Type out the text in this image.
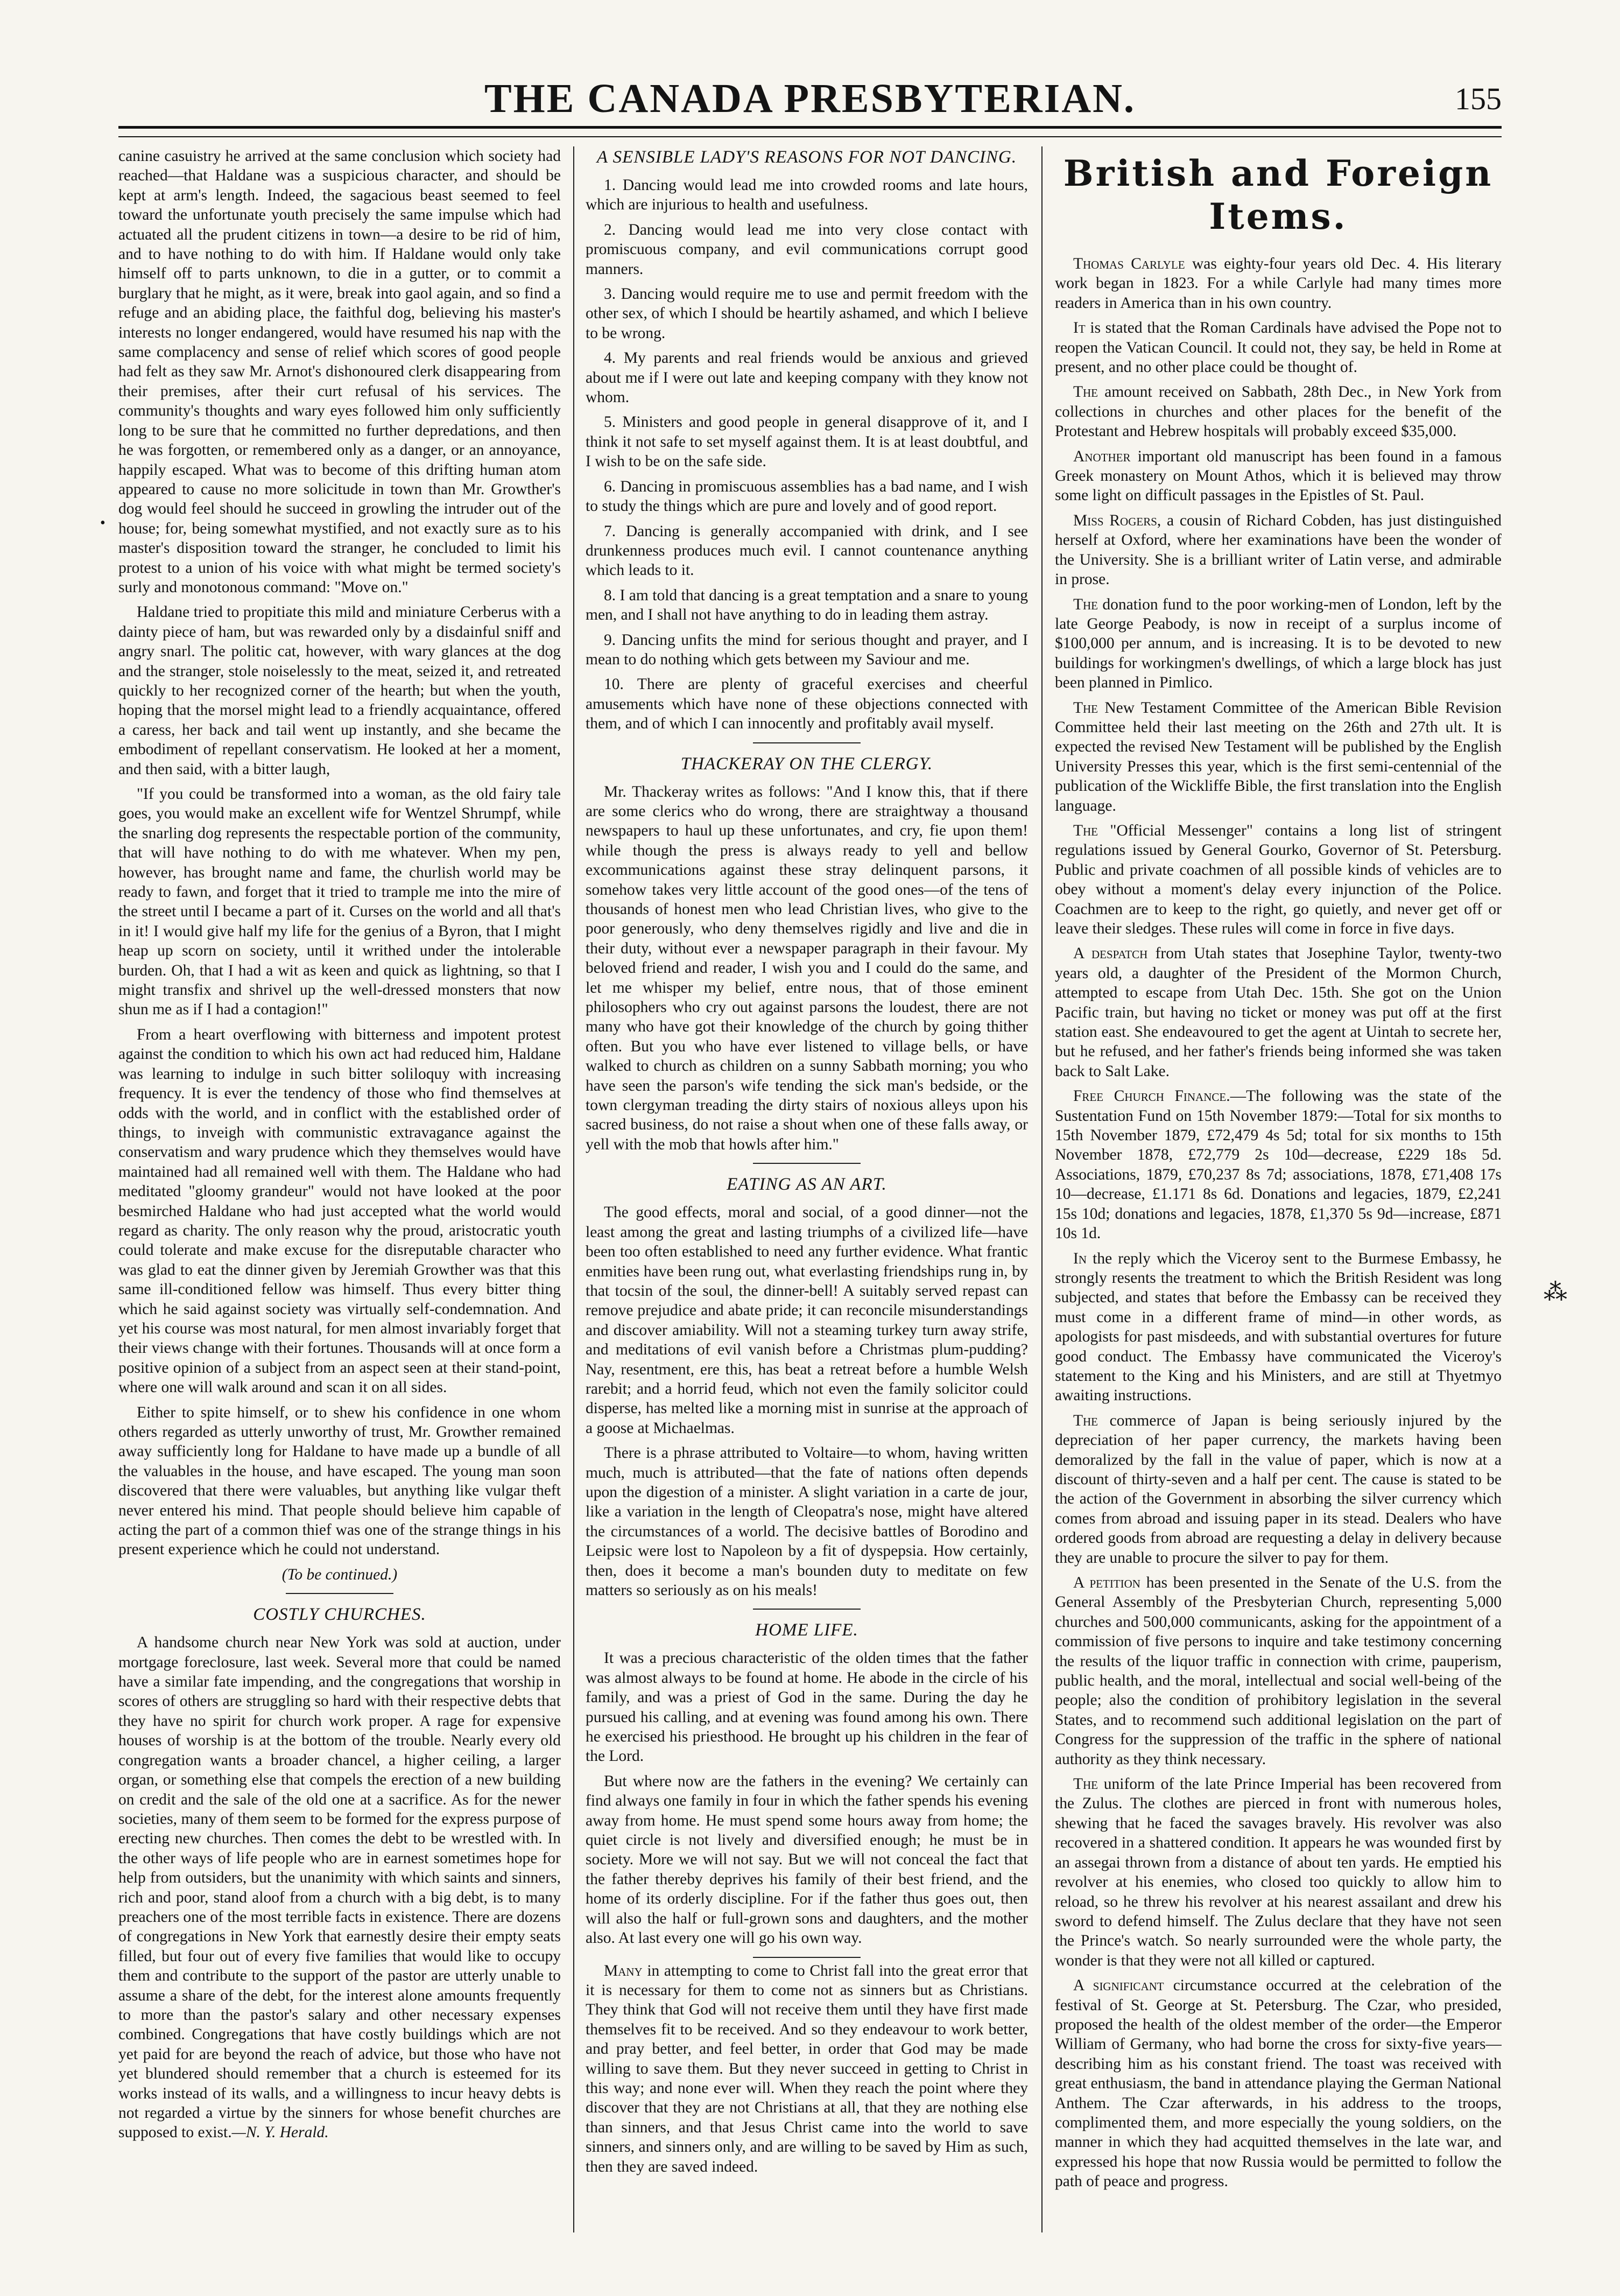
THE CANADA PRESBYTERIAN.	155
•
⁂

canine casuistry he arrived at the same conclusion which society had reached—that Haldane was a suspicious character, and should be kept at arm's length. Indeed, the sagacious beast seemed to feel toward the unfortunate youth precisely the same impulse which had actuated all the prudent citizens in town—a desire to be rid of him, and to have nothing to do with him. If Haldane would only take himself off to parts unknown, to die in a gutter, or to commit a burglary that he might, as it were, break into gaol again, and so find a refuge and an abiding place, the faithful dog, believing his master's interests no longer endangered, would have resumed his nap with the same complacency and sense of relief which scores of good people had felt as they saw Mr. Arnot's dishonoured clerk disappearing from their premises, after their curt refusal of his services. The community's thoughts and wary eyes followed him only sufficiently long to be sure that he committed no further depredations, and then he was forgotten, or remembered only as a danger, or an annoyance, happily escaped. What was to become of this drifting human atom appeared to cause no more solicitude in town than Mr. Growther's dog would feel should he succeed in growling the intruder out of the house; for, being somewhat mystified, and not exactly sure as to his master's disposition toward the stranger, he concluded to limit his protest to a union of his voice with what might be termed society's surly and monotonous command: "Move on."

Haldane tried to propitiate this mild and miniature Cerberus with a dainty piece of ham, but was rewarded only by a disdainful sniff and angry snarl. The politic cat, however, with wary glances at the dog and the stranger, stole noiselessly to the meat, seized it, and retreated quickly to her recognized corner of the hearth; but when the youth, hoping that the morsel might lead to a friendly acquaintance, offered a caress, her back and tail went up instantly, and she became the embodiment of repellant conservatism. He looked at her a moment, and then said, with a bitter laugh,

"If you could be transformed into a woman, as the old fairy tale goes, you would make an excellent wife for Wentzel Shrumpf, while the snarling dog represents the respectable portion of the community, that will have nothing to do with me whatever. When my pen, however, has brought name and fame, the churlish world may be ready to fawn, and forget that it tried to trample me into the mire of the street until I became a part of it. Curses on the world and all that's in it! I would give half my life for the genius of a Byron, that I might heap up scorn on society, until it writhed under the intolerable burden. Oh, that I had a wit as keen and quick as lightning, so that I might transfix and shrivel up the well-dressed monsters that now shun me as if I had a contagion!"

From a heart overflowing with bitterness and impotent protest against the condition to which his own act had reduced him, Haldane was learning to indulge in such bitter soliloquy with increasing frequency. It is ever the tendency of those who find themselves at odds with the world, and in conflict with the established order of things, to inveigh with communistic extravagance against the conservatism and wary prudence which they themselves would have maintained had all remained well with them. The Haldane who had meditated "gloomy grandeur" would not have looked at the poor besmirched Haldane who had just accepted what the world would regard as charity. The only reason why the proud, aristocratic youth could tolerate and make excuse for the disreputable character who was glad to eat the dinner given by Jeremiah Growther was that this same ill-conditioned fellow was himself. Thus every bitter thing which he said against society was virtually self-condemnation. And yet his course was most natural, for men almost invariably forget that their views change with their fortunes. Thousands will at once form a positive opinion of a subject from an aspect seen at their stand-point, where one will walk around and scan it on all sides.

Either to spite himself, or to shew his confidence in one whom others regarded as utterly unworthy of trust, Mr. Growther remained away sufficiently long for Haldane to have made up a bundle of all the valuables in the house, and have escaped. The young man soon discovered that there were valuables, but anything like vulgar theft never entered his mind. That people should believe him capable of acting the part of a common thief was one of the strange things in his present experience which he could not understand.

(To be continued.)
COSTLY CHURCHES.

A handsome church near New York was sold at auction, under mortgage foreclosure, last week. Several more that could be named have a similar fate impending, and the congregations that worship in scores of others are struggling so hard with their respective debts that they have no spirit for church work proper. A rage for expensive houses of worship is at the bottom of the trouble. Nearly every old congregation wants a broader chancel, a higher ceiling, a larger organ, or something else that compels the erection of a new building on credit and the sale of the old one at a sacrifice. As for the newer societies, many of them seem to be formed for the express purpose of erecting new churches. Then comes the debt to be wrestled with. In the other ways of life people who are in earnest sometimes hope for help from outsiders, but the unanimity with which saints and sinners, rich and poor, stand aloof from a church with a big debt, is to many preachers one of the most terrible facts in existence. There are dozens of congregations in New York that earnestly desire their empty seats filled, but four out of every five families that would like to occupy them and contribute to the support of the pastor are utterly unable to assume a share of the debt, for the interest alone amounts frequently to more than the pastor's salary and other necessary expenses combined. Congregations that have costly buildings which are not yet paid for are beyond the reach of advice, but those who have not yet blundered should remember that a church is esteemed for its works instead of its walls, and a willingness to incur heavy debts is not regarded a virtue by the sinners for whose benefit churches are supposed to exist.—N. Y. Herald.

A SENSIBLE LADY'S REASONS FOR NOT DANCING.

1. Dancing would lead me into crowded rooms and late hours, which are injurious to health and usefulness.

2. Dancing would lead me into very close contact with promiscuous company, and evil communications corrupt good manners.

3. Dancing would require me to use and permit freedom with the other sex, of which I should be heartily ashamed, and which I believe to be wrong.

4. My parents and real friends would be anxious and grieved about me if I were out late and keeping company with they know not whom.

5. Ministers and good people in general disapprove of it, and I think it not safe to set myself against them. It is at least doubtful, and I wish to be on the safe side.

6. Dancing in promiscuous assemblies has a bad name, and I wish to study the things which are pure and lovely and of good report.

7. Dancing is generally accompanied with drink, and I see drunkenness produces much evil. I cannot countenance anything which leads to it.

8. I am told that dancing is a great temptation and a snare to young men, and I shall not have anything to do in leading them astray.

9. Dancing unfits the mind for serious thought and prayer, and I mean to do nothing which gets between my Saviour and me.

10. There are plenty of graceful exercises and cheerful amusements which have none of these objections connected with them, and of which I can innocently and profitably avail myself.

THACKERAY ON THE CLERGY.

Mr. Thackeray writes as follows: "And I know this, that if there are some clerics who do wrong, there are straightway a thousand newspapers to haul up these unfortunates, and cry, fie upon them! while though the press is always ready to yell and bellow excommunications against these stray delinquent parsons, it somehow takes very little account of the good ones—of the tens of thousands of honest men who lead Christian lives, who give to the poor generously, who deny themselves rigidly and live and die in their duty, without ever a newspaper paragraph in their favour. My beloved friend and reader, I wish you and I could do the same, and let me whisper my belief, entre nous, that of those eminent philosophers who cry out against parsons the loudest, there are not many who have got their knowledge of the church by going thither often. But you who have ever listened to village bells, or have walked to church as children on a sunny Sabbath morning; you who have seen the parson's wife tending the sick man's bedside, or the town clergyman treading the dirty stairs of noxious alleys upon his sacred business, do not raise a shout when one of these falls away, or yell with the mob that howls after him."

EATING AS AN ART.

The good effects, moral and social, of a good dinner—not the least among the great and lasting triumphs of a civilized life—have been too often established to need any further evidence. What frantic enmities have been rung out, what everlasting friendships rung in, by that tocsin of the soul, the dinner-bell! A suitably served repast can remove prejudice and abate pride; it can reconcile misunderstandings and discover amiability. Will not a steaming turkey turn away strife, and meditations of evil vanish before a Christmas plum-pudding? Nay, resentment, ere this, has beat a retreat before a humble Welsh rarebit; and a horrid feud, which not even the family solicitor could disperse, has melted like a morning mist in sunrise at the approach of a goose at Michaelmas.

There is a phrase attributed to Voltaire—to whom, having written much, much is attributed—that the fate of nations often depends upon the digestion of a minister. A slight variation in a carte de jour, like a variation in the length of Cleopatra's nose, might have altered the circumstances of a world. The decisive battles of Borodino and Leipsic were lost to Napoleon by a fit of dyspepsia. How certainly, then, does it become a man's bounden duty to meditate on few matters so seriously as on his meals!

HOME LIFE.

It was a precious characteristic of the olden times that the father was almost always to be found at home. He abode in the circle of his family, and was a priest of God in the same. During the day he pursued his calling, and at evening was found among his own. There he exercised his priesthood. He brought up his children in the fear of the Lord.

But where now are the fathers in the evening? We certainly can find always one family in four in which the father spends his evening away from home. He must spend some hours away from home; the quiet circle is not lively and diversified enough; he must be in society. More we will not say. But we will not conceal the fact that the father thereby deprives his family of their best friend, and the home of its orderly discipline. For if the father thus goes out, then will also the half or full-grown sons and daughters, and the mother also. At last every one will go his own way.

Many in attempting to come to Christ fall into the great error that it is necessary for them to come not as sinners but as Christians. They think that God will not receive them until they have first made themselves fit to be received. And so they endeavour to work better, and pray better, and feel better, in order that God may be made willing to save them. But they never succeed in getting to Christ in this way; and none ever will. When they reach the point where they discover that they are not Christians at all, that they are nothing else than sinners, and that Jesus Christ came into the world to save sinners, and sinners only, and are willing to be saved by Him as such, then they are saved indeed.

British and Foreign Items.

Thomas Carlyle was eighty-four years old Dec. 4. His literary work began in 1823. For a while Carlyle had many times more readers in America than in his own country.

It is stated that the Roman Cardinals have advised the Pope not to reopen the Vatican Council. It could not, they say, be held in Rome at present, and no other place could be thought of.

The amount received on Sabbath, 28th Dec., in New York from collections in churches and other places for the benefit of the Protestant and Hebrew hospitals will probably exceed $35,000.

Another important old manuscript has been found in a famous Greek monastery on Mount Athos, which it is believed may throw some light on difficult passages in the Epistles of St. Paul.

Miss Rogers, a cousin of Richard Cobden, has just distinguished herself at Oxford, where her examinations have been the wonder of the University. She is a brilliant writer of Latin verse, and admirable in prose.

The donation fund to the poor working-men of London, left by the late George Peabody, is now in receipt of a surplus income of $100,000 per annum, and is increasing. It is to be devoted to new buildings for workingmen's dwellings, of which a large block has just been planned in Pimlico.

The New Testament Committee of the American Bible Revision Committee held their last meeting on the 26th and 27th ult. It is expected the revised New Testament will be published by the English University Presses this year, which is the first semi-centennial of the publication of the Wickliffe Bible, the first translation into the English language.

The "Official Messenger" contains a long list of stringent regulations issued by General Gourko, Governor of St. Petersburg. Public and private coachmen of all possible kinds of vehicles are to obey without a moment's delay every injunction of the Police. Coachmen are to keep to the right, go quietly, and never get off or leave their sledges. These rules will come in force in five days.

A despatch from Utah states that Josephine Taylor, twenty-two years old, a daughter of the President of the Mormon Church, attempted to escape from Utah Dec. 15th. She got on the Union Pacific train, but having no ticket or money was put off at the first station east. She endeavoured to get the agent at Uintah to secrete her, but he refused, and her father's friends being informed she was taken back to Salt Lake.

Free Church Finance.—The following was the state of the Sustentation Fund on 15th November 1879:—Total for six months to 15th November 1879, £72,479 4s 5d; total for six months to 15th November 1878, £72,779 2s 10d—decrease, £229 18s 5d. Associations, 1879, £70,237 8s 7d; associations, 1878, £71,408 17s 10—decrease, £1.171 8s 6d. Donations and legacies, 1879, £2,241 15s 10d; donations and legacies, 1878, £1,370 5s 9d—increase, £871 10s 1d.

In the reply which the Viceroy sent to the Burmese Embassy, he strongly resents the treatment to which the British Resident was long subjected, and states that before the Embassy can be received they must come in a different frame of mind—in other words, as apologists for past misdeeds, and with substantial overtures for future good conduct. The Embassy have communicated the Viceroy's statement to the King and his Ministers, and are still at Thyetmyo awaiting instructions.

The commerce of Japan is being seriously injured by the depreciation of her paper currency, the markets having been demoralized by the fall in the value of paper, which is now at a discount of thirty-seven and a half per cent. The cause is stated to be the action of the Government in absorbing the silver currency which comes from abroad and issuing paper in its stead. Dealers who have ordered goods from abroad are requesting a delay in delivery because they are unable to procure the silver to pay for them.

A petition has been presented in the Senate of the U.S. from the General Assembly of the Presbyterian Church, representing 5,000 churches and 500,000 communicants, asking for the appointment of a commission of five persons to inquire and take testimony concerning the results of the liquor traffic in connection with crime, pauperism, public health, and the moral, intellectual and social well-being of the people; also the condition of prohibitory legislation in the several States, and to recommend such additional legislation on the part of Congress for the suppression of the traffic in the sphere of national authority as they think necessary.

The uniform of the late Prince Imperial has been recovered from the Zulus. The clothes are pierced in front with numerous holes, shewing that he faced the savages bravely. His revolver was also recovered in a shattered condition. It appears he was wounded first by an assegai thrown from a distance of about ten yards. He emptied his revolver at his enemies, who closed too quickly to allow him to reload, so he threw his revolver at his nearest assailant and drew his sword to defend himself. The Zulus declare that they have not seen the Prince's watch. So nearly surrounded were the whole party, the wonder is that they were not all killed or captured.

A significant circumstance occurred at the celebration of the festival of St. George at St. Petersburg. The Czar, who presided, proposed the health of the oldest member of the order—the Emperor William of Germany, who had borne the cross for sixty-five years—describing him as his constant friend. The toast was received with great enthusiasm, the band in attendance playing the German National Anthem. The Czar afterwards, in his address to the troops, complimented them, and more especially the young soldiers, on the manner in which they had acquitted themselves in the late war, and expressed his hope that now Russia would be permitted to follow the path of peace and progress.
